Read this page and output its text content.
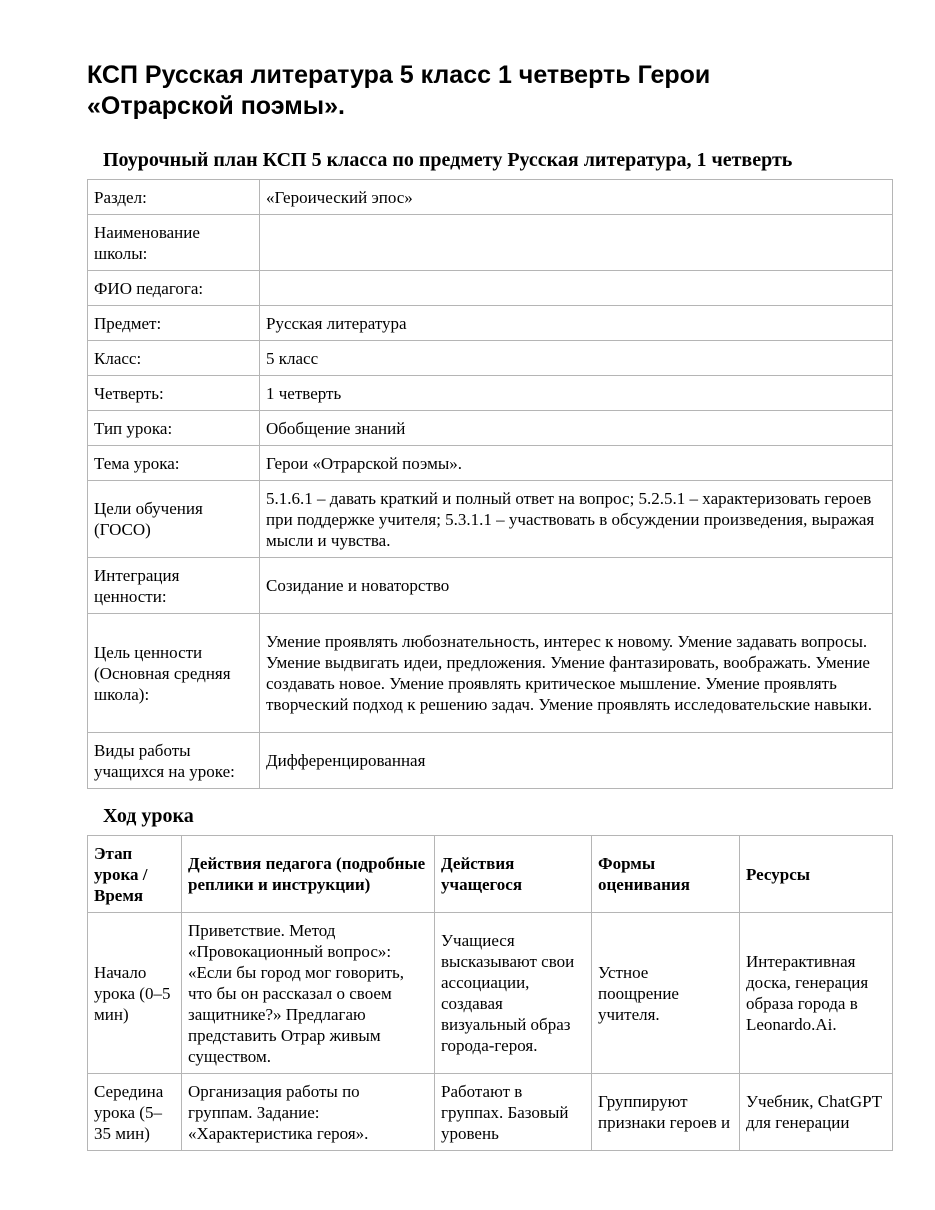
КСП Русская литература 5 класс 1 четверть Герои «Отрарской поэмы».
Поурочный план КСП 5 класса по предмету Русская литература, 1 четверть
Раздел:	«Героический эпос»
Наименование школы:	
ФИО педагога:	
Предмет:	Русская литература
Класс:	5 класс
Четверть:	1 четверть
Тип урока:	Обобщение знаний
Тема урока:	Герои «Отрарской поэмы».
Цели обучения (ГОСО)	5.1.6.1 – давать краткий и полный ответ на вопрос; 5.2.5.1 – характеризовать героев при поддержке учителя; 5.3.1.1 – участвовать в обсуждении произведения, выражая мысли и чувства.
Интеграция ценности:	Созидание и новаторство
Цель ценности (Основная средняя школа):	Умение проявлять любознательность, интерес к новому. Умение задавать вопросы. Умение выдвигать идеи, предложения. Умение фантазировать, воображать. Умение создавать новое. Умение проявлять критическое мышление. Умение проявлять творческий подход к решению задач. Умение проявлять исследовательские навыки.
Виды работы учащихся на уроке:	Дифференцированная
Ход урока
Этап урока / Время	Действия педагога (подробные реплики и инструкции)	Действия учащегося	Формы оценивания	Ресурсы
Начало урока (0–5 мин)	Приветствие. Метод «Провокационный вопрос»: «Если бы город мог говорить, что бы он рассказал о своем защитнике?» Предлагаю представить Отрар живым существом.	Учащиеся высказывают свои ассоциации, создавая визуальный образ города-героя.	Устное поощрение учителя.	Интерактивная доска, генерация образа города в Leonardo.Ai.
Середина урока (5–35 мин)	Организация работы по группам. Задание: «Характеристика героя».	Работают в группах. Базовый уровень	Группируют признаки героев и	Учебник, ChatGPT для генерации
